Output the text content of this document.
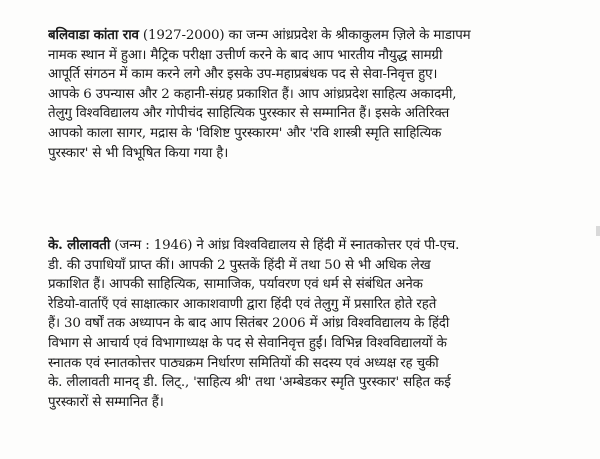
बलिवाडा कांता राव (1927-2000) का जन्म आंध्रप्रदेश के श्रीकाकुलम ज़िले के माडापम
नामक स्थान में हुआ। मैट्रिक परीक्षा उत्तीर्ण करने के बाद आप भारतीय नौयुद्ध सामग्री
आपूर्ति संगठन में काम करने लगे और इसके उप-महाप्रबंधक पद से सेवा-निवृत्त हुए।
आपके 6 उपन्यास और 2 कहानी-संग्रह प्रकाशित हैं। आप आंध्रप्रदेश साहित्य अकादमी,
तेलुगु विश्वविद्यालय और गोपीचंद साहित्यिक पुरस्कार से सम्मानित हैं। इसके अतिरिक्त
आपको काला सागर, मद्रास के 'विशिष्ट पुरस्कारम' और 'रवि शास्त्री स्मृति साहित्यिक
पुरस्कार' से भी विभूषित किया गया है।
के. लीलावती (जन्म : 1946) ने आंध्र विश्वविद्यालय से हिंदी में स्नातकोत्तर एवं पी-एच.
डी. की उपाधियाँ प्राप्त कीं। आपकी 2 पुस्तकें हिंदी में तथा 50 से भी अधिक लेख
प्रकाशित हैं। आपकी साहित्यिक, सामाजिक, पर्यावरण एवं धर्म से संबंधित अनेक
रेडियो-वार्ताएँ एवं साक्षात्कार आकाशवाणी द्वारा हिंदी एवं तेलुगु में प्रसारित होते रहते
हैं। 30 वर्षों तक अध्यापन के बाद आप सितंबर 2006 में आंध्र विश्वविद्यालय के हिंदी
विभाग से आचार्य एवं विभागाध्यक्ष के पद से सेवानिवृत्त हुईं। विभिन्न विश्वविद्यालयों के
स्नातक एवं स्नातकोत्तर पाठ्यक्रम निर्धारण समितियों की सदस्य एवं अध्यक्ष रह चुकी
के. लीलावती मानद् डी. लिट्., 'साहित्य श्री' तथा 'अम्बेडकर स्मृति पुरस्कार' सहित कई
पुरस्कारों से सम्मानित हैं।
